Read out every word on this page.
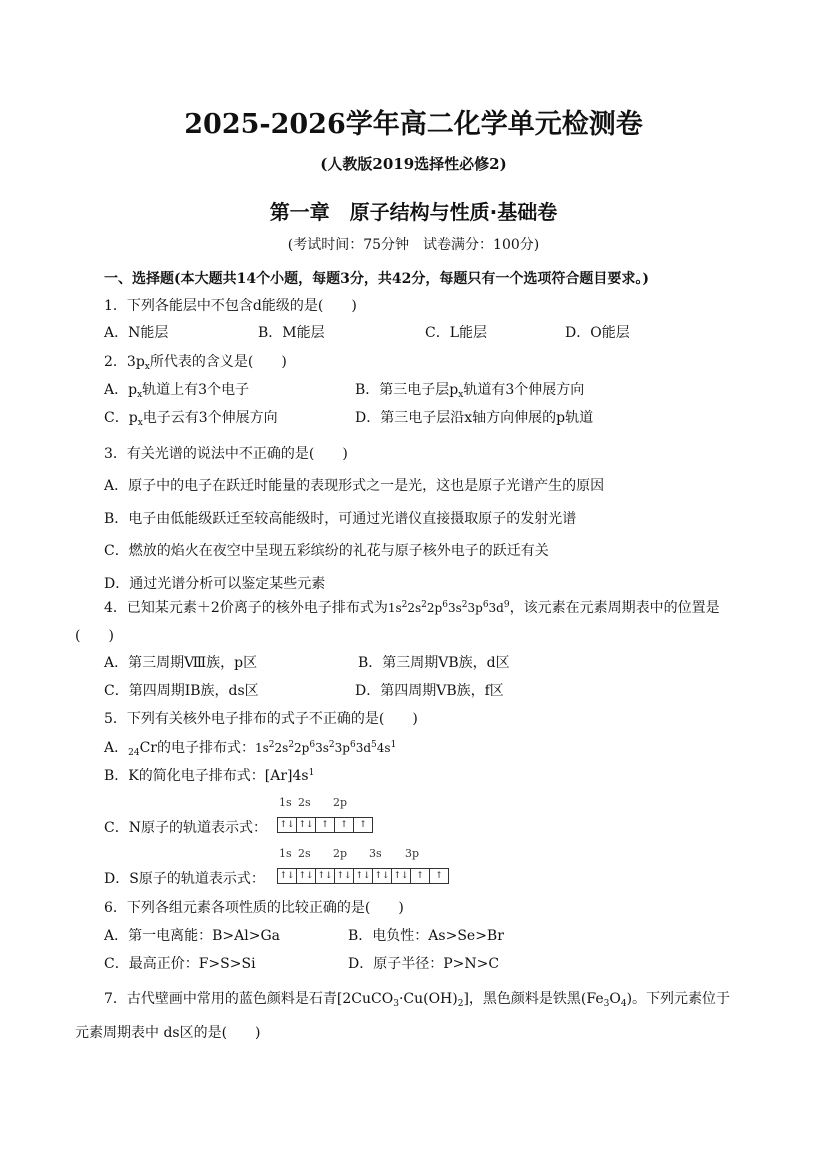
2025-2026学年高二化学单元检测卷
(人教版2019选择性必修2)
第一章　原子结构与性质·基础卷
(考试时间：75分钟　试卷满分：100分)
一、选择题(本大题共14个小题，每题3分，共42分，每题只有一个选项符合题目要求。)
1．下列各能层中不包含d能级的是(　　)
A．N能层	B．M能层	C．L能层	D．O能层
2．$3p_x$所代表的含义是(　　)
A．$p_x$轨道上有3个电子	B．第三电子层$p_x$轨道有3个伸展方向
C．$p_x$电子云有3个伸展方向	D．第三电子层沿x轴方向伸展的p轨道
3．有关光谱的说法中不正确的是(　　)
A．原子中的电子在跃迁时能量的表现形式之一是光，这也是原子光谱产生的原因
B．电子由低能级跃迁至较高能级时，可通过光谱仪直接摄取原子的发射光谱
C．燃放的焰火在夜空中呈现五彩缤纷的礼花与原子核外电子的跃迁有关
D．通过光谱分析可以鉴定某些元素
4．已知某元素＋2价离子的核外电子排布式为$1s^22s^22p^63s^23p^63d^9$，该元素在元素周期表中的位置是
(　　)
A．第三周期Ⅷ族，p区	B．第三周期ⅤB族，d区
C．第四周期ⅠB族，ds区	D．第四周期ⅤB族，f区
5．下列有关核外电子排布的式子不正确的是(　　)
A．$_{24}$Cr的电子排布式：$1s^22s^22p^63s^23p^63d^54s^1$
B．K的简化电子排布式：$[Ar]4s^1$
C．N原子的轨道表示式：
1s 2s 2p
↑↓ ↑↓ ↑	↑	↑
D．S原子的轨道表示式：
1s 2s 2p 3s 3p
↑↓ ↑↓ ↑↓ ↑↓ ↑↓ ↑↓ ↑↓ ↑	↑
6．下列各组元素各项性质的比较正确的是(　　)
A．第一电离能：B>Al>Ga	B．电负性：As>Se>Br
C．最高正价：F>S>Si	D．原子半径：P>N>C
7．古代壁画中常用的蓝色颜料是石青$[2CuCO_3\cdot Cu(OH)_2]$，黑色颜料是铁黑$(Fe_3O_4)$。下列元素位于
元素周期表中 ds区的是(　　)
